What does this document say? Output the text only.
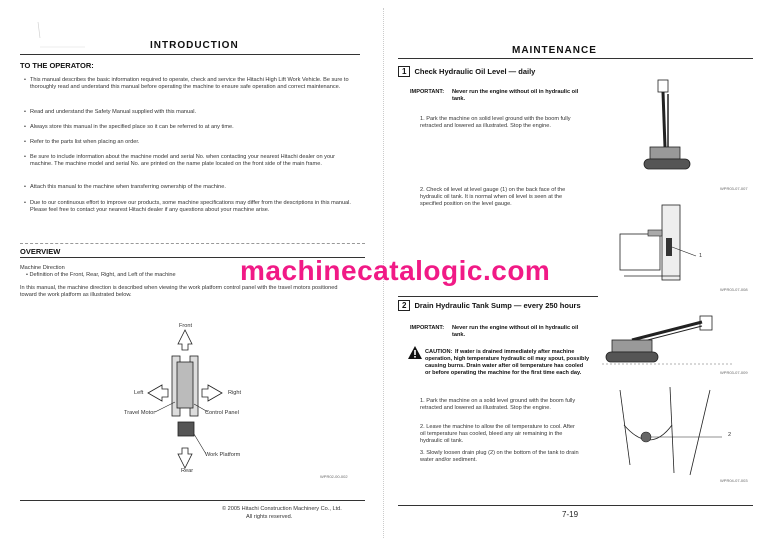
INTRODUCTION
TO THE OPERATOR:
• This manual describes the basic information required to operate, check and service the Hitachi High Lift Work Vehicle. Be sure to thoroughly read and understand this manual before operating the machine to ensure safe operation and correct maintenance.
• Read and understand the Safety Manual supplied with this manual.
• Always store this manual in the specified place so it can be referred to at any time.
• Refer to the parts list when placing an order.
• Be sure to include information about the machine model and serial No. when contacting your nearest Hitachi dealer on your machine. The machine model and serial No. are printed on the name plate located on the front side of the main frame.
• Attach this manual to the machine when transferring ownership of the machine.
• Due to our continuous effort to improve our products, some machine specifications may differ from the descriptions in this manual. Please feel free to contact your nearest Hitachi dealer if any questions about your machine arise.
OVERVIEW
Machine Direction
• Definition of the Front, Rear, Right, and Left of the machine
In this manual, the machine direction is described when viewing the work platform control panel with the travel motors positioned toward the work platform as illustrated below.
Front
Left	Right
Travel Motor	Control Panel
Work Platform
Rear
WPR02-00-002
© 2005 Hitachi Construction Machinery Co., Ltd.
All rights reserved.
MAINTENANCE
1 Check Hydraulic Oil Level — daily
IMPORTANT: Never run the engine without oil in hydraulic oil tank.
1. Park the machine on solid level ground with the boom fully retracted and lowered as illustrated. Stop the engine.
2. Check oil level at level gauge (1) on the back face of the hydraulic oil tank. It is normal when oil level is seen at the specified position on the level gauge.
WPR03-07-007
1
WPR03-07-008
2 Drain Hydraulic Tank Sump — every 250 hours
IMPORTANT: Never run the engine without oil in hydraulic oil tank.
CAUTION: If water is drained immediately after machine operation, high temperature hydraulic oil may spout, possibly causing burns. Drain water after oil temperature has cooled or before operating the machine for the first time each day.
1. Park the machine on a solid level ground with the boom fully retracted and lowered as illustrated. Stop the engine.
2. Leave the machine to allow the oil temperature to cool. After oil temperature has cooled, bleed any air remaining in the hydraulic oil tank.
3. Slowly loosen drain plug (2) on the bottom of the tank to drain water and/or sediment.
WPR03-07-009
2
WPR04-07-003
7-19
machinecatalogic.com
